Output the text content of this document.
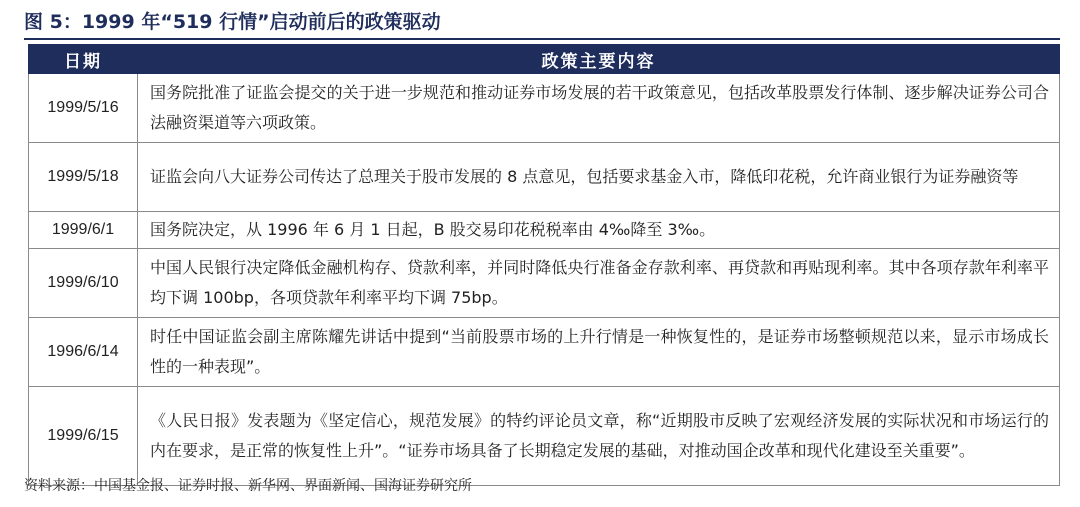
图 5：1999 年“519 行情”启动前后的政策驱动
日期	政策主要内容
1999/5/16	国务院批准了证监会提交的关于进一步规范和推动证券市场发展的若干政策意见，包括改革股票发行体制、逐步解决证券公司合法融资渠道等六项政策。
1999/5/18	证监会向八大证券公司传达了总理关于股市发展的 8 点意见，包括要求基金入市，降低印花税，允许商业银行为证券融资等
1999/6/1	国务院决定，从 1996 年 6 月 1 日起，B 股交易印花税税率由 4‰降至 3‰。
1999/6/10	中国人民银行决定降低金融机构存、贷款利率，并同时降低央行准备金存款利率、再贷款和再贴现利率。其中各项存款年利率平均下调 100bp，各项贷款年利率平均下调 75bp。
1996/6/14	时任中国证监会副主席陈耀先讲话中提到“当前股票市场的上升行情是一种恢复性的，是证券市场整顿规范以来，显示市场成长性的一种表现”。
1999/6/15	《人民日报》发表题为《坚定信心，规范发展》的特约评论员文章，称“近期股市反映了宏观经济发展的实际状况和市场运行的内在要求，是正常的恢复性上升”。“证券市场具备了长期稳定发展的基础，对推动国企改革和现代化建设至关重要”。
资料来源：中国基金报、证券时报、新华网、界面新闻、国海证券研究所
